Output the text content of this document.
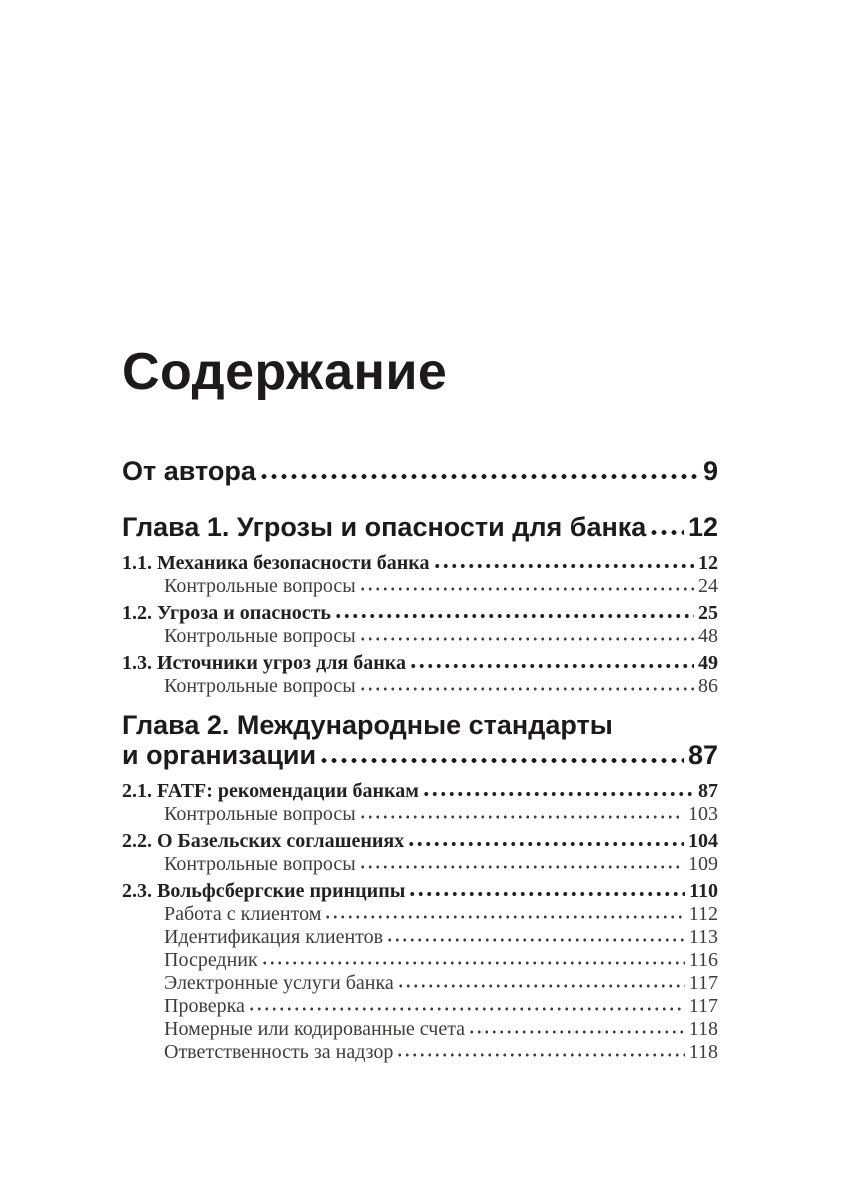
Содержание
От автора	9
Глава 1. Угрозы и опасности для банка 12
1.1. Механика безопасности банка	12
Контрольные вопросы	24
1.2. Угроза и опасность	25
Контрольные вопросы	48
1.3. Источники угроз для банка	49
Контрольные вопросы	86
Глава 2. Международные стандарты
и организации	87
2.1. FATF: рекомендации банкам	87
Контрольные вопросы	103
2.2. О Базельских соглашениях	104
Контрольные вопросы	109
2.3. Вольфсбергские принципы	110
Работа с клиентом	112
Идентификация клиентов	113
Посредник	116
Электронные услуги банка	117
Проверка	117
Номерные или кодированные счета	118
Ответственность за надзор	118
